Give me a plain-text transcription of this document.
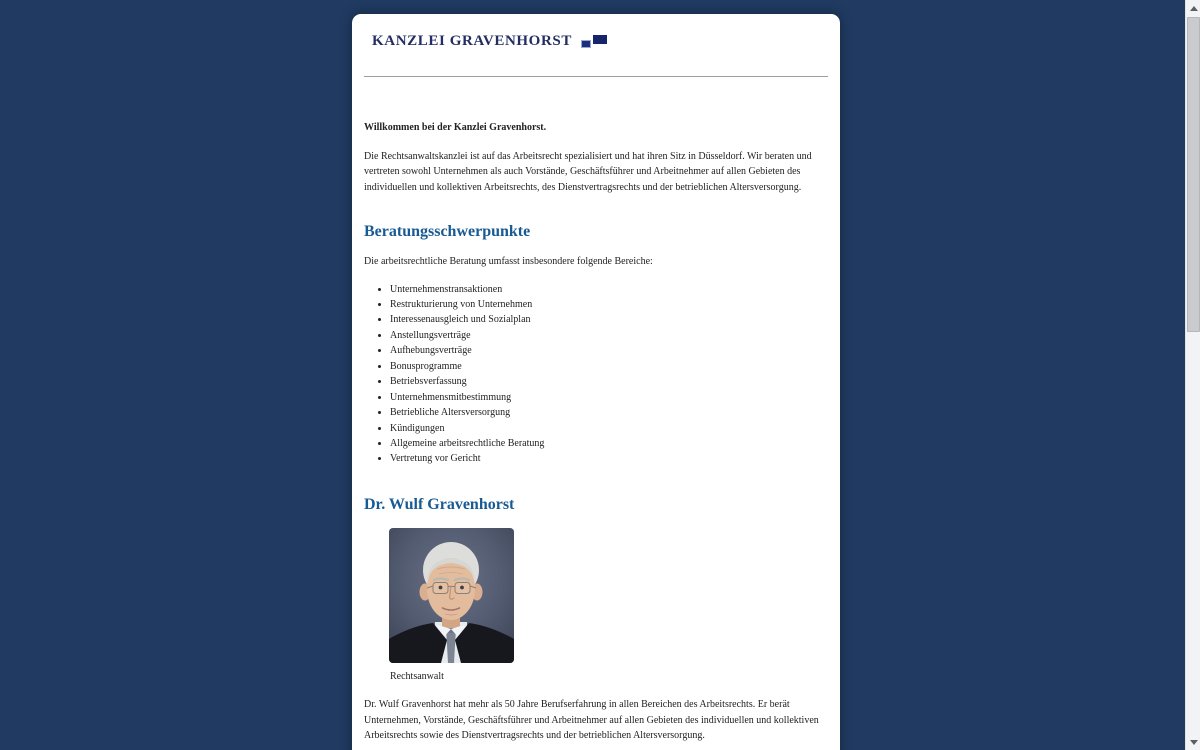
KANZLEI GRAVENHORST

Willkommen bei der Kanzlei Gravenhorst.

Die Rechtsanwaltskanzlei ist auf das Arbeitsrecht spezialisiert und hat ihren Sitz in Düsseldorf. Wir beraten und vertreten sowohl Unternehmen als auch Vorstände, Geschäftsführer und Arbeitnehmer auf allen Gebieten des individuellen und kollektiven Arbeitsrechts, des Dienstvertragsrechts und der betrieblichen Altersversorgung.

Beratungsschwerpunkte

Die arbeitsrechtliche Beratung umfasst insbesondere folgende Bereiche:

• Unternehmenstransaktionen
• Restrukturierung von Unternehmen
• Interessenausgleich und Sozialplan
• Anstellungsverträge
• Aufhebungsverträge
• Bonusprogramme
• Betriebsverfassung
• Unternehmensmitbestimmung
• Betriebliche Altersversorgung
• Kündigungen
• Allgemeine arbeitsrechtliche Beratung
• Vertretung vor Gericht
Dr. Wulf Gravenhorst
Rechtsanwalt

Dr. Wulf Gravenhorst hat mehr als 50 Jahre Berufserfahrung in allen Bereichen des Arbeitsrechts. Er berät Unternehmen, Vorstände, Geschäftsführer und Arbeitnehmer auf allen Gebieten des individuellen und kollektiven Arbeitsrechts sowie des Dienstvertragsrechts und der betrieblichen Altersversorgung.
